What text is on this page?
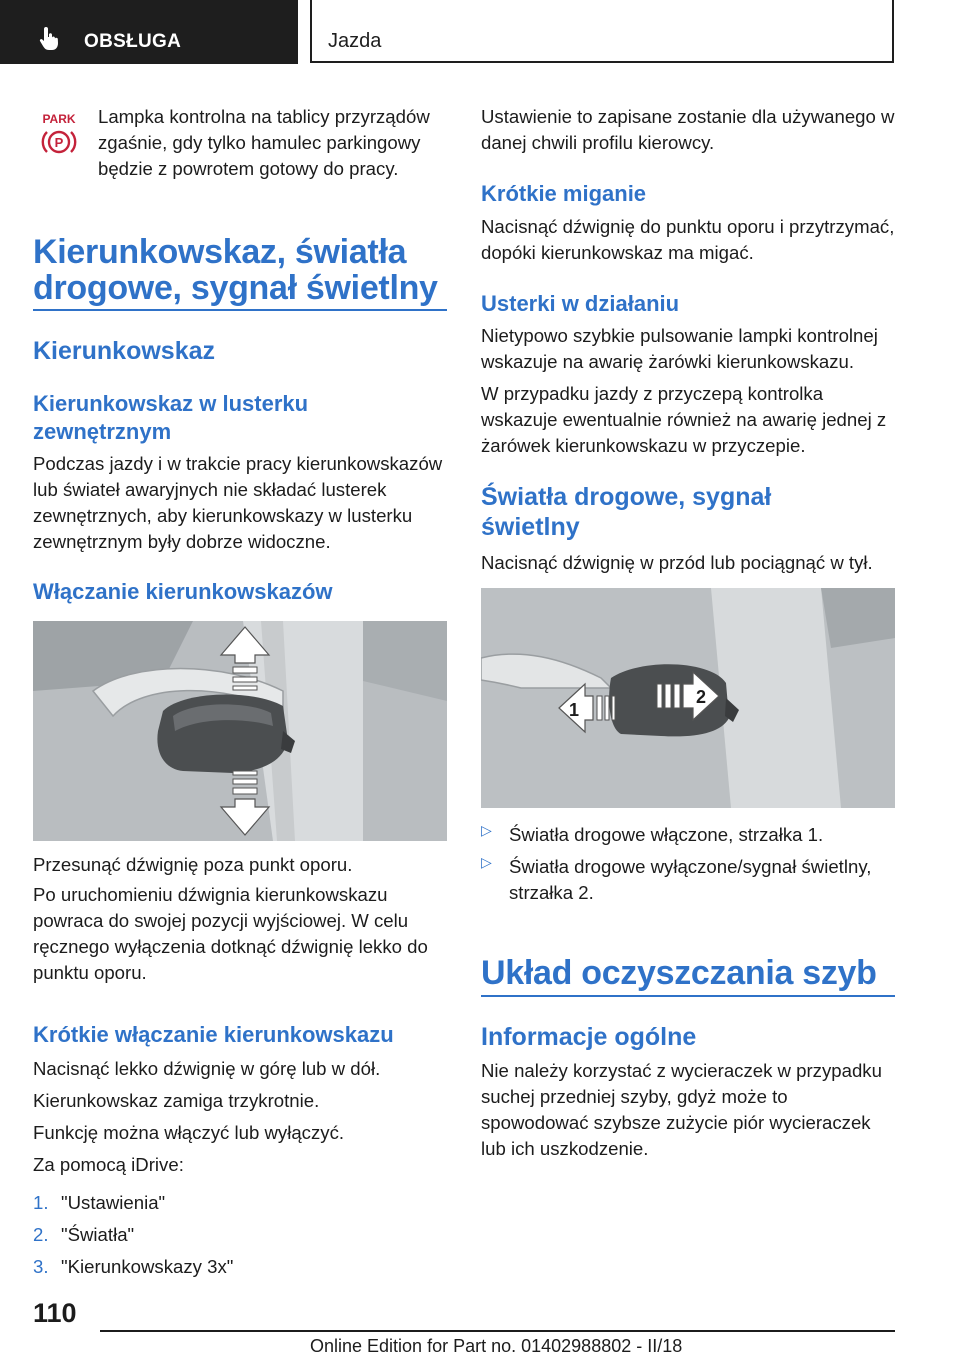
OBSŁUGA	Jazda
PARK
P

Lampka kontrolna na tablicy przyrządów zgaśnie, gdy tylko hamulec parkingowy będzie z powrotem gotowy do pracy.

Kierunkowskaz, światła
drogowe, sygnał świetlny
Kierunkowskaz
Kierunkowskaz w lusterku
zewnętrznym

Podczas jazdy i w trakcie pracy kierunkowskazów lub świateł awaryjnych nie składać lusterek zewnętrznych, aby kierunkowskazy w lusterku zewnętrznym były dobrze widoczne.

Włączanie kierunkowskazów

Przesunąć dźwignię poza punkt oporu.

Po uruchomieniu dźwignia kierunkowskazu powraca do swojej pozycji wyjściowej. W celu ręcznego wyłączenia dotknąć dźwignię lekko do punktu oporu.

Krótkie włączanie kierunkowskazu

Nacisnąć lekko dźwignię w górę lub w dół.

Kierunkowskaz zamiga trzykrotnie.

Funkcję można włączyć lub wyłączyć.

Za pomocą iDrive:

1. "Ustawienia"

2. "Światła"

3. "Kierunkowskazy 3x"

Ustawienie to zapisane zostanie dla używanego w danej chwili profilu kierowcy.

Krótkie miganie

Nacisnąć dźwignię do punktu oporu i przytrzymać, dopóki kierunkowskaz ma migać.

Usterki w działaniu

Nietypowo szybkie pulsowanie lampki kontrolnej wskazuje na awarię żarówki kierunkowskazu.

W przypadku jazdy z przyczepą kontrolka wskazuje ewentualnie również na awarię jednej z żarówek kierunkowskazu w przyczepie.

Światła drogowe, sygnał
świetlny

Nacisnąć dźwignię w przód lub pociągnąć w tył.

1
2
▷ Światła drogowe włączone, strzałka 1.

▷ Światła drogowe wyłączone/sygnał świetlny, strzałka 2.

Układ oczyszczania szyb
Informacje ogólne

Nie należy korzystać z wycieraczek w przypadku suchej przedniej szyby, gdyż może to spowodować szybsze zużycie piór wycieraczek lub ich uszkodzenie.

110
Online Edition for Part no. 01402988802 - II/18
